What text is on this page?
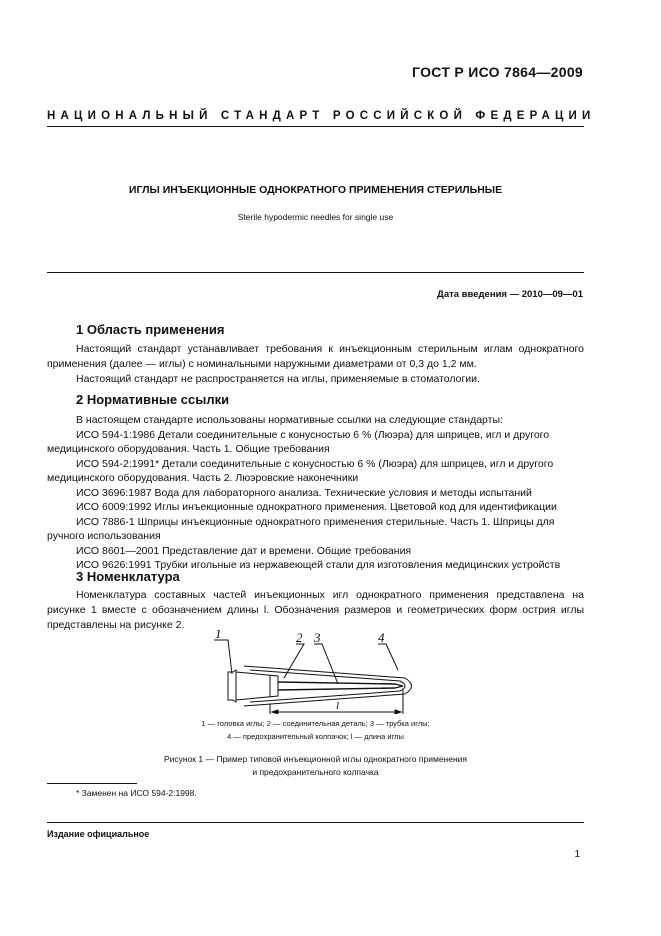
ГОСТ Р ИСО 7864—2009
НАЦИОНАЛЬНЫЙ СТАНДАРТ РОССИЙСКОЙ ФЕДЕРАЦИИ
ИГЛЫ ИНЪЕКЦИОННЫЕ ОДНОКРАТНОГО ПРИМЕНЕНИЯ СТЕРИЛЬНЫЕ
Sterile hypodermic needles for single use
Дата введения — 2010—09—01
1 Область применения

Настоящий стандарт устанавливает требования к инъекционным стерильным иглам однократного применения (далее — иглы) с номинальными наружными диаметрами от 0,3 до 1,2 мм.

Настоящий стандарт не распространяется на иглы, применяемые в стоматологии.

2 Нормативные ссылки

В настоящем стандарте использованы нормативные ссылки на следующие стандарты:

ИСО 594-1:1986 Детали соединительные с конусностью 6 % (Люэра) для шприцев, игл и другого медицинского оборудования. Часть 1. Общие требования

ИСО 594-2:1991* Детали соединительные с конусностью 6 % (Люэра) для шприцев, игл и другого медицинского оборудования. Часть 2. Люэровские наконечники

ИСО 3696:1987 Вода для лабораторного анализа. Технические условия и методы испытаний

ИСО 6009:1992 Иглы инъекционные однократного применения. Цветовой код для идентификации

ИСО 7886-1 Шприцы инъекционные однократного применения стерильные. Часть 1. Шприцы для ручного использования

ИСО 8601—2001 Представление дат и времени. Общие требования

ИСО 9626:1991 Трубки игольные из нержавеющей стали для изготовления медицинских устройств

3 Номенклатура

Номенклатура составных частей инъекционных игл однократного применения представлена на рисунке 1 вместе с обозначением длины l. Обозначения размеров и геометрических форм острия иглы представлены на рисунке 2.

1	2 3	4
l
1 — головка иглы; 2 — соединительная деталь; 3 — трубка иглы;
4 — предохранительный колпачок; l — длина иглы
Рисунок 1 — Пример типовой инъекционной иглы однократного применения
и предохранительного колпачка
* Заменен на ИСО 594-2:1998.
Издание официальное
1
